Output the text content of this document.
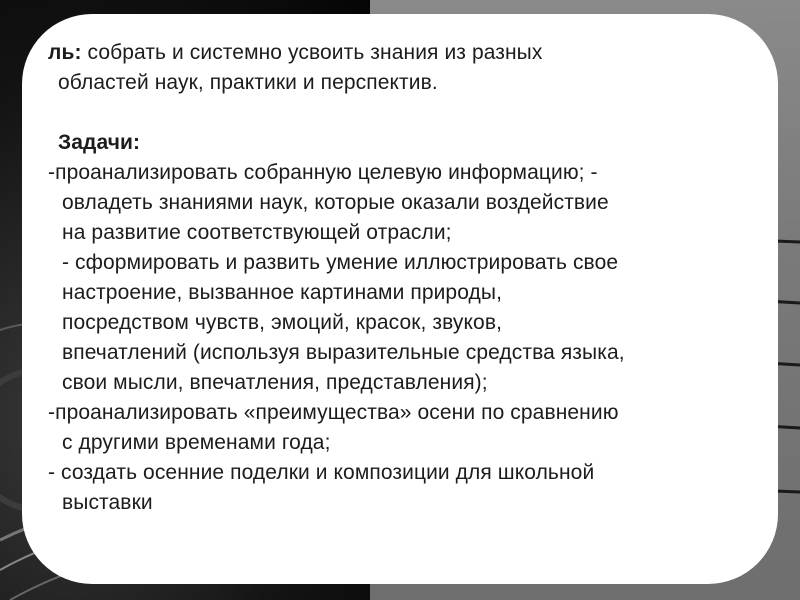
ль: собрать и системно усвоить знания из разных
областей наук, практики и перспектив.
Задачи:
-проанализировать собранную целевую информацию; -
овладеть знаниями наук, которые оказали воздействие
на развитие соответствующей отрасли;
- сформировать и развить умение иллюстрировать свое
настроение, вызванное картинами природы,
посредством чувств, эмоций, красок, звуков,
впечатлений (используя выразительные средства языка,
свои мысли, впечатления, представления);
-проанализировать «преимущества» осени по сравнению
с другими временами года;
- создать осенние поделки и композиции для школьной
выставки
